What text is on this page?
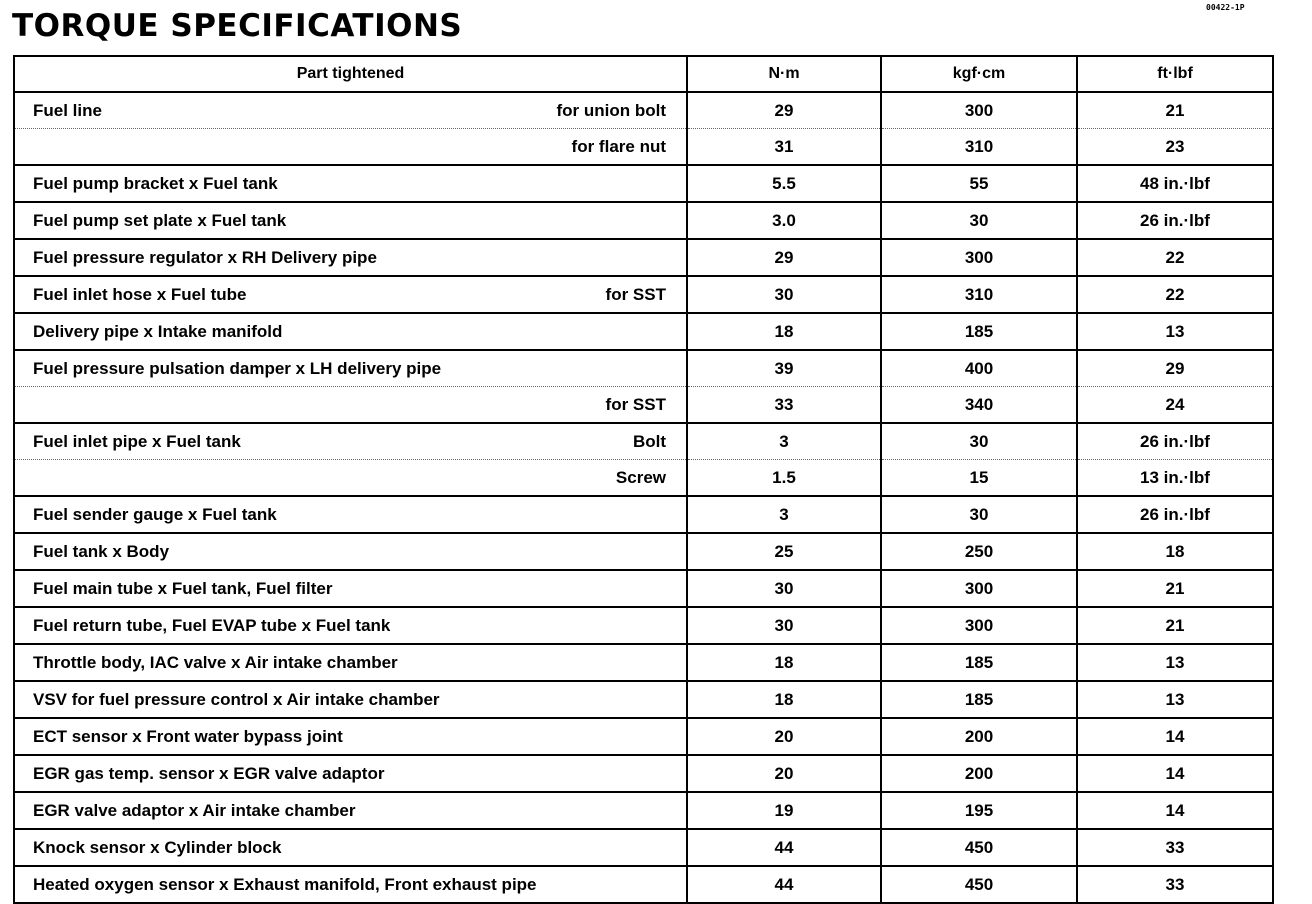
TORQUE SPECIFICATIONS
00422-1P
Part tightened	N·m	kgf·cm	ft·lbf

Fuel line for union bolt	29	300	21

for flare nut	31	310	23

Fuel pump bracket x Fuel tank	5.5	55	48 in.·lbf

Fuel pump set plate x Fuel tank	3.0	30	26 in.·lbf

Fuel pressure regulator x RH Delivery pipe	29	300	22

Fuel inlet hose x Fuel tube for SST	30	310	22

Delivery pipe x Intake manifold	18	185	13

Fuel pressure pulsation damper x LH delivery pipe	39	400	29

for SST	33	340	24

Fuel inlet pipe x Fuel tank Bolt	3	30	26 in.·lbf

Screw	1.5	15	13 in.·lbf

Fuel sender gauge x Fuel tank	3	30	26 in.·lbf

Fuel tank x Body	25	250	18

Fuel main tube x Fuel tank, Fuel filter	30	300	21

Fuel return tube, Fuel EVAP tube x Fuel tank	30	300	21

Throttle body, IAC valve x Air intake chamber	18	185	13

VSV for fuel pressure control x Air intake chamber	18	185	13

ECT sensor x Front water bypass joint	20	200	14

EGR gas temp. sensor x EGR valve adaptor	20	200	14

EGR valve adaptor x Air intake chamber	19	195	14

Knock sensor x Cylinder block	44	450	33

Heated oxygen sensor x Exhaust manifold, Front exhaust pipe	44	450	33
